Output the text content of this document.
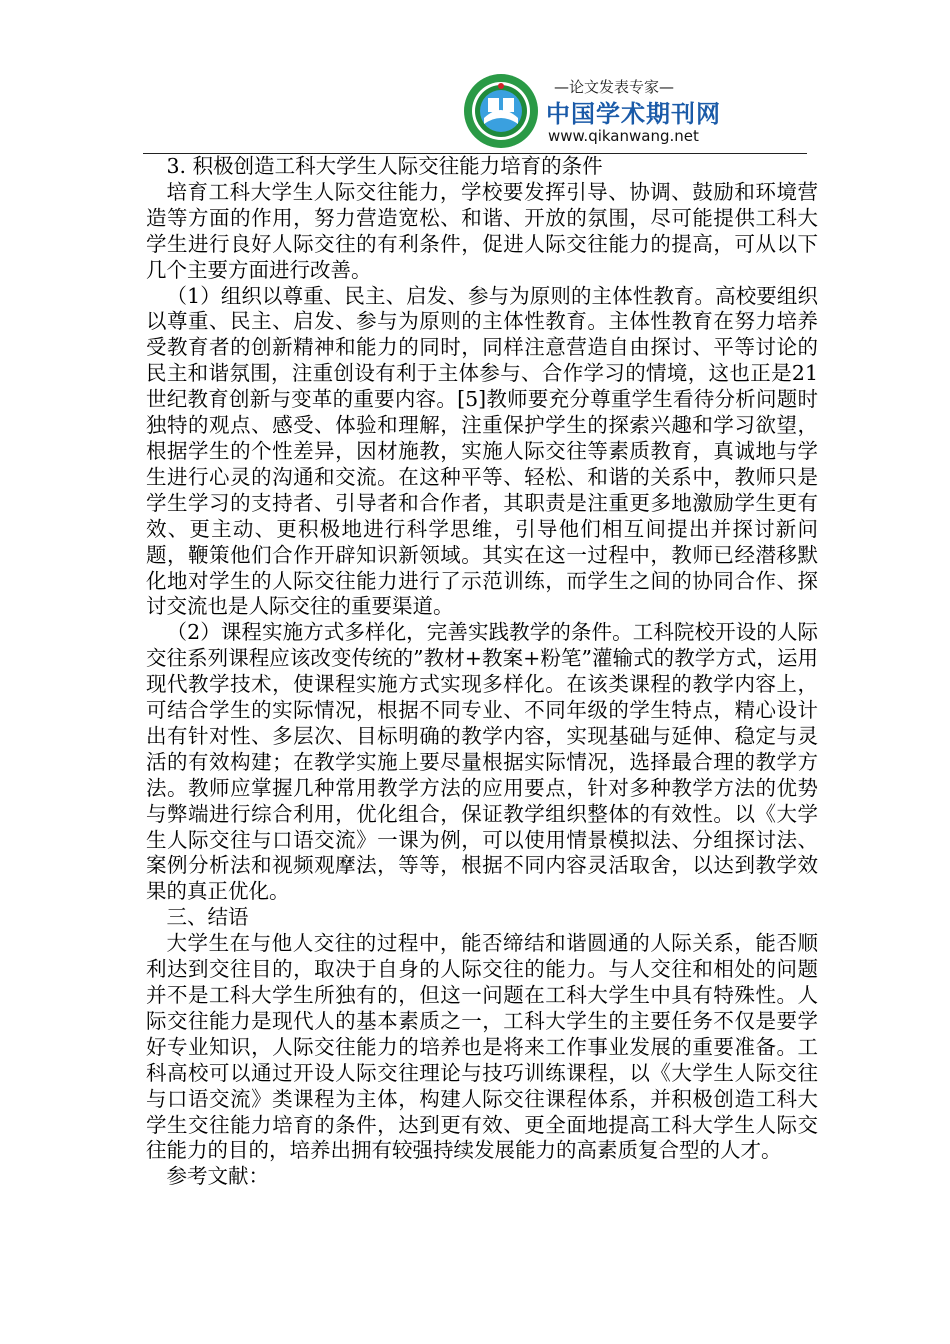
—论文发表专家—
中国学术期刊网
www.qikanwang.net

3. 积极创造工科大学生人际交往能力培育的条件

培育工科大学生人际交往能力，学校要发挥引导、协调、鼓励和环境营造等方面的作用，努力营造宽松、和谐、开放的氛围，尽可能提供工科大学生进行良好人际交往的有利条件，促进人际交往能力的提高，可从以下几个主要方面进行改善。

（1）组织以尊重、民主、启发、参与为原则的主体性教育。高校要组织以尊重、民主、启发、参与为原则的主体性教育。主体性教育在努力培养受教育者的创新精神和能力的同时，同样注意营造自由探讨、平等讨论的民主和谐氛围，注重创设有利于主体参与、合作学习的情境，这也正是21世纪教育创新与变革的重要内容。[5]教师要充分尊重学生看待分析问题时独特的观点、感受、体验和理解，注重保护学生的探索兴趣和学习欲望，根据学生的个性差异，因材施教，实施人际交往等素质教育，真诚地与学生进行心灵的沟通和交流。在这种平等、轻松、和谐的关系中，教师只是学生学习的支持者、引导者和合作者，其职责是注重更多地激励学生更有效、更主动、更积极地进行科学思维，引导他们相互间提出并探讨新问题，鞭策他们合作开辟知识新领域。其实在这一过程中，教师已经潜移默化地对学生的人际交往能力进行了示范训练，而学生之间的协同合作、探讨交流也是人际交往的重要渠道。

（2）课程实施方式多样化，完善实践教学的条件。工科院校开设的人际交往系列课程应该改变传统的”教材+教案+粉笔”灌输式的教学方式，运用现代教学技术，使课程实施方式实现多样化。在该类课程的教学内容上，可结合学生的实际情况，根据不同专业、不同年级的学生特点，精心设计出有针对性、多层次、目标明确的教学内容，实现基础与延伸、稳定与灵活的有效构建；在教学实施上要尽量根据实际情况，选择最合理的教学方法。教师应掌握几种常用教学方法的应用要点，针对多种教学方法的优势与弊端进行综合利用，优化组合，保证教学组织整体的有效性。以《大学生人际交往与口语交流》一课为例，可以使用情景模拟法、分组探讨法、案例分析法和视频观摩法，等等，根据不同内容灵活取舍，以达到教学效果的真正优化。

三、结语

大学生在与他人交往的过程中，能否缔结和谐圆通的人际关系，能否顺利达到交往目的，取决于自身的人际交往的能力。与人交往和相处的问题并不是工科大学生所独有的，但这一问题在工科大学生中具有特殊性。人际交往能力是现代人的基本素质之一，工科大学生的主要任务不仅是要学好专业知识，人际交往能力的培养也是将来工作事业发展的重要准备。工科高校可以通过开设人际交往理论与技巧训练课程，以《大学生人际交往与口语交流》类课程为主体，构建人际交往课程体系，并积极创造工科大学生交往能力培育的条件，达到更有效、更全面地提高工科大学生人际交往能力的目的，培养出拥有较强持续发展能力的高素质复合型的人才。

参考文献：
